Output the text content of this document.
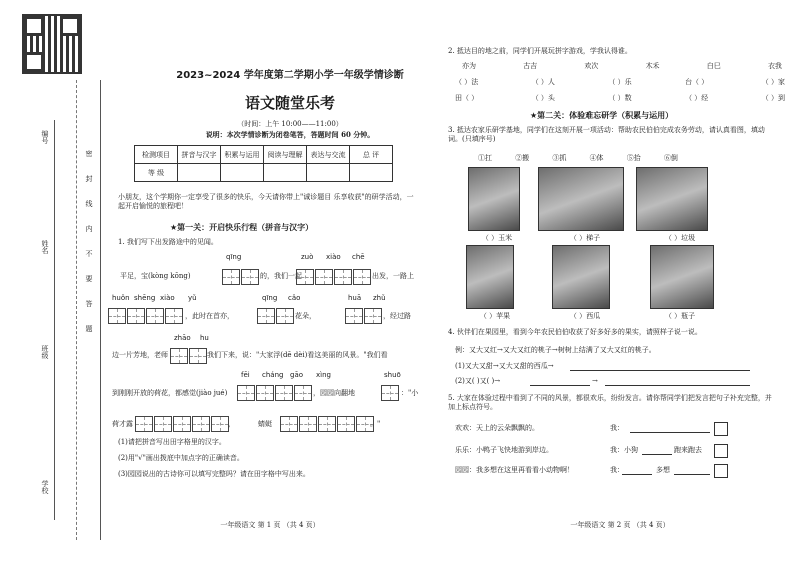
密封线内不要答题
编号
姓名
班级
学校
2023~2024 学年度第二学期小学一年级学情诊断
语文随堂乐考
（时间：上午 10:00——11:00）
说明：本次学情诊断为闭卷笔答，答题时间 60 分钟。
检测项目	拼音与汉字	积累与运用	阅读与理解	表达与交流	总 评
等 级					
小朋友，这个学期你一定享受了很多的快乐，今天请你带上"诚诊题目 乐享收获"的研学活动，一起开启愉悦的旅程吧！
★第一关：开启快乐行程（拼音与汉字）
1. 我们写下出发路途中的见闻。
qīng	zuò xiào chē
平足，宝(kòng kōng)	的，我们一起	出发，一路上
huǒn shēng xiào yǔ	qīng cǎo	huā zhǔ
，此时在首亦，	花朵，	，经过路
zhāo hu
边一片芳地，老师	我们下来，说："大家浮(dē dèi)看这美丽的风景。"我们看
fēi cháng gāo xìng	shuō
到刚刚开放的荷花，都感觉(jiào jué)	，园园向翻地	："小
荷才露	，	蜻蜓	。"
(1)请把拼音写出田字格里的汉字。
(2)用"√"画出拨底中加点字的正确读音。
(3)园园说出的古诗你可以填写完整吗？请在田字格中写出来。
一年级语文 第 1 页 （共 4 页）
2. 抵达目的地之前，同学们开展玩拼字游戏，学我认得谁。
亦为	古吉	欢次	木禾	白巳	衣我
（ ）法	（ ）人	（ ）乐	台（ ）	（ ）家
田（ ）	（ ）头	（ ）数	（ ）经	（ ）到
★第二关：体验难忘研学（积累与运用）
3. 抵达农家乐研学基地，同学们在这刻开展一项活动：帮助农民伯伯完成农务劳动，请认真看图，填动词。(只填序号)
①扛	②搬	③抓	④体	⑤拾	⑥倒
（ ）玉米	（ ）梯子	（ ）垃圾
（ ）苹果	（ ）西瓜	（ ）瓶子
4. 伙伴们在果园里，看到今年农民伯伯收获了好多好多的果实，请照样子说一说。
例：又大又红→又大又红的桃子→树树上结满了又大又红的桃子。
(1)又大又甜→又大又甜的西瓜→
(2)又( )又( )→	→
5. 大家在体验过程中看到了不同的风景，都很欢乐，纷纷发言。请你帮同学们把发言把句子补充完整，并加上标点符号。
欢欢：天上的云朵飘飘的。	我：
乐乐：小鸭子飞快地游到岸边。	我：小狗	跑来跑去
园园：我多想在这里再看看小动物啊！	我：	多想
一年级语文 第 2 页 （共 4 页）
